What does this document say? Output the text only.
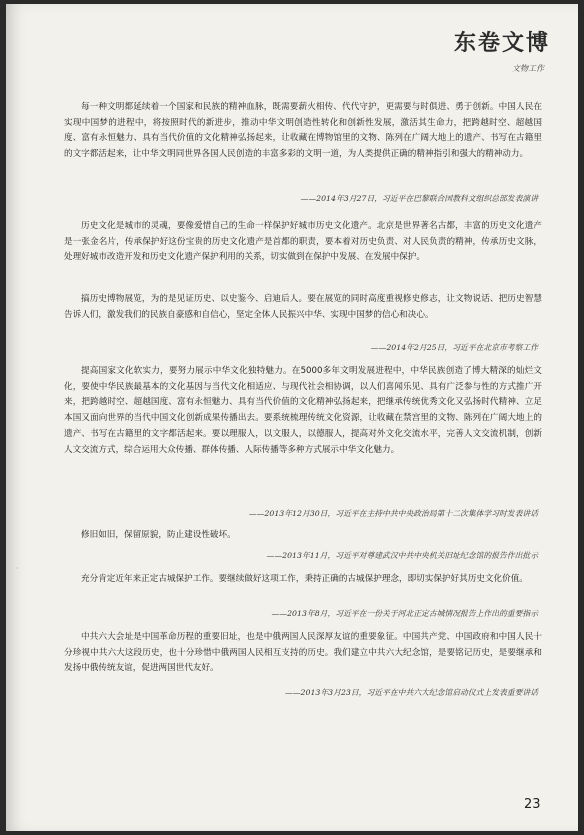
东卷文博
文物工作
·
每一种文明都延续着一个国家和民族的精神血脉，既需要薪火相传、代代守护，更需要与时俱进、勇于创新。中国人民在实现中国梦的进程中，将按照时代的新进步，推动中华文明创造性转化和创新性发展，激活其生命力，把跨越时空、超越国度、富有永恒魅力、具有当代价值的文化精神弘扬起来，让收藏在博物馆里的文物、陈列在广阔大地上的遗产、书写在古籍里的文字都活起来，让中华文明同世界各国人民创造的丰富多彩的文明一道，为人类提供正确的精神指引和强大的精神动力。
——2014年3月27日，习近平在巴黎联合国教科文组织总部发表演讲
历史文化是城市的灵魂，要像爱惜自己的生命一样保护好城市历史文化遗产。北京是世界著名古都，丰富的历史文化遗产是一张金名片，传承保护好这份宝贵的历史文化遗产是首都的职责，要本着对历史负责、对人民负责的精神，传承历史文脉，处理好城市改造开发和历史文化遗产保护利用的关系，切实做到在保护中发展、在发展中保护。
搞历史博物展览，为的是见证历史、以史鉴今、启迪后人。要在展览的同时高度重视修史修志，让文物说话、把历史智慧告诉人们，激发我们的民族自豪感和自信心，坚定全体人民振兴中华、实现中国梦的信心和决心。
——2014年2月25日，习近平在北京市考察工作
提高国家文化软实力，要努力展示中华文化独特魅力。在5000多年文明发展进程中，中华民族创造了博大精深的灿烂文化，要使中华民族最基本的文化基因与当代文化相适应、与现代社会相协调，以人们喜闻乐见、具有广泛参与性的方式推广开来，把跨越时空、超越国度、富有永恒魅力、具有当代价值的文化精神弘扬起来，把继承传统优秀文化又弘扬时代精神、立足本国又面向世界的当代中国文化创新成果传播出去。要系统梳理传统文化资源，让收藏在禁宫里的文物、陈列在广阔大地上的遗产、书写在古籍里的文字都活起来。要以理服人，以文服人，以德服人，提高对外文化交流水平，完善人文交流机制，创新人文交流方式，综合运用大众传播、群体传播、人际传播等多种方式展示中华文化魅力。
——2013年12月30日，习近平在主持中共中央政治局第十二次集体学习时发表讲话
修旧如旧，保留原貌，防止建设性破坏。
——2013年11月，习近平对尊建武汉中共中央机关旧址纪念馆的报告作出批示
充分肯定近年来正定古城保护工作。要继续做好这项工作，秉持正确的古城保护理念，即切实保护好其历史文化价值。
——2013年8月，习近平在一份关于河北正定古城情况报告上作出的重要指示
中共六大会址是中国革命历程的重要旧址，也是中俄两国人民深厚友谊的重要象征。中国共产党、中国政府和中国人民十分珍视中共六大这段历史，也十分珍惜中俄两国人民相互支持的历史。我们建立中共六大纪念馆，是要铭记历史，是要继承和发扬中俄传统友谊，促进两国世代友好。
——2013年3月23日，习近平在中共六大纪念馆启动仪式上发表重要讲话
23
